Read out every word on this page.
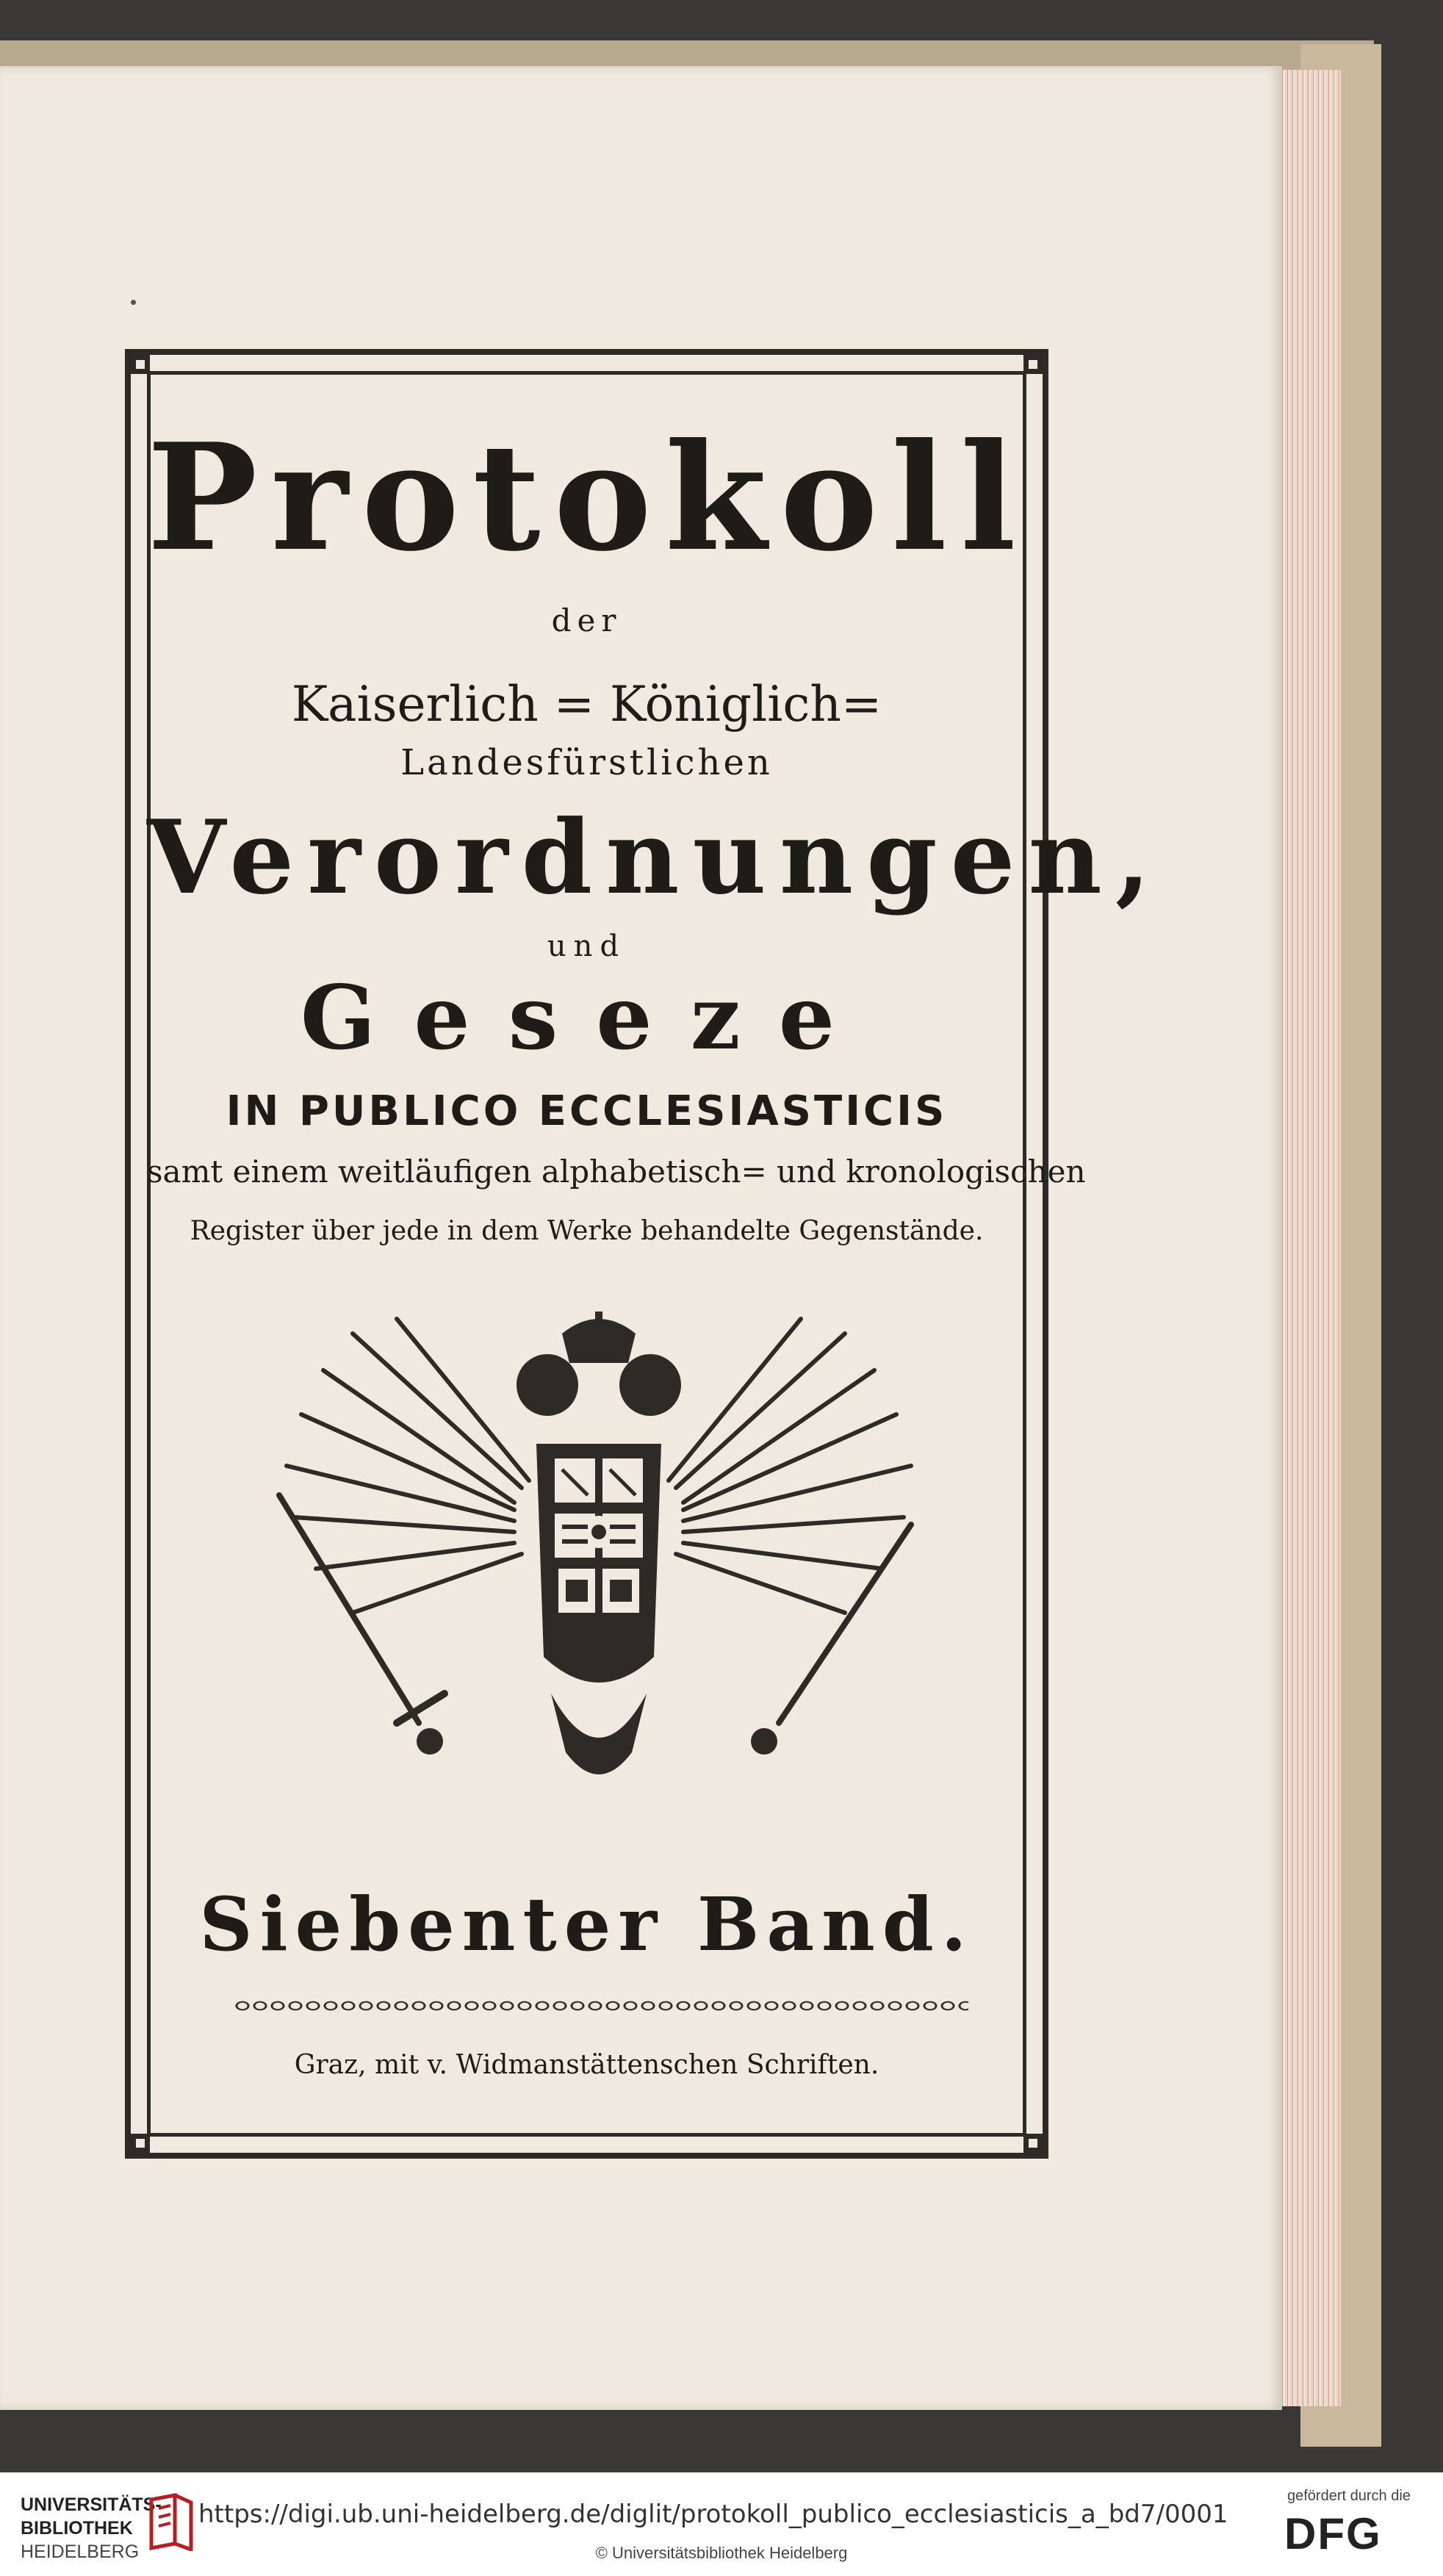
Protokoll
der
Kaiserlich = Königlich=
Landesfürstlichen
Verordnungen,
und
Geseze
IN PUBLICO ECCLESIASTICIS
samt einem weitläufigen alphabetisch= und kronologischen
Register über jede in dem Werke behandelte Gegenstände.
Siebenter Band.
Graz, mit v. Widmanstättenschen Schriften.
UNIVERSITÄTS-
BIBLIOTHEK
HEIDELBERG
https://digi.ub.uni-heidelberg.de/diglit/protokoll_publico_ecclesiasticis_a_bd7/0001
© Universitätsbibliothek Heidelberg
gefördert durch die
DFG
